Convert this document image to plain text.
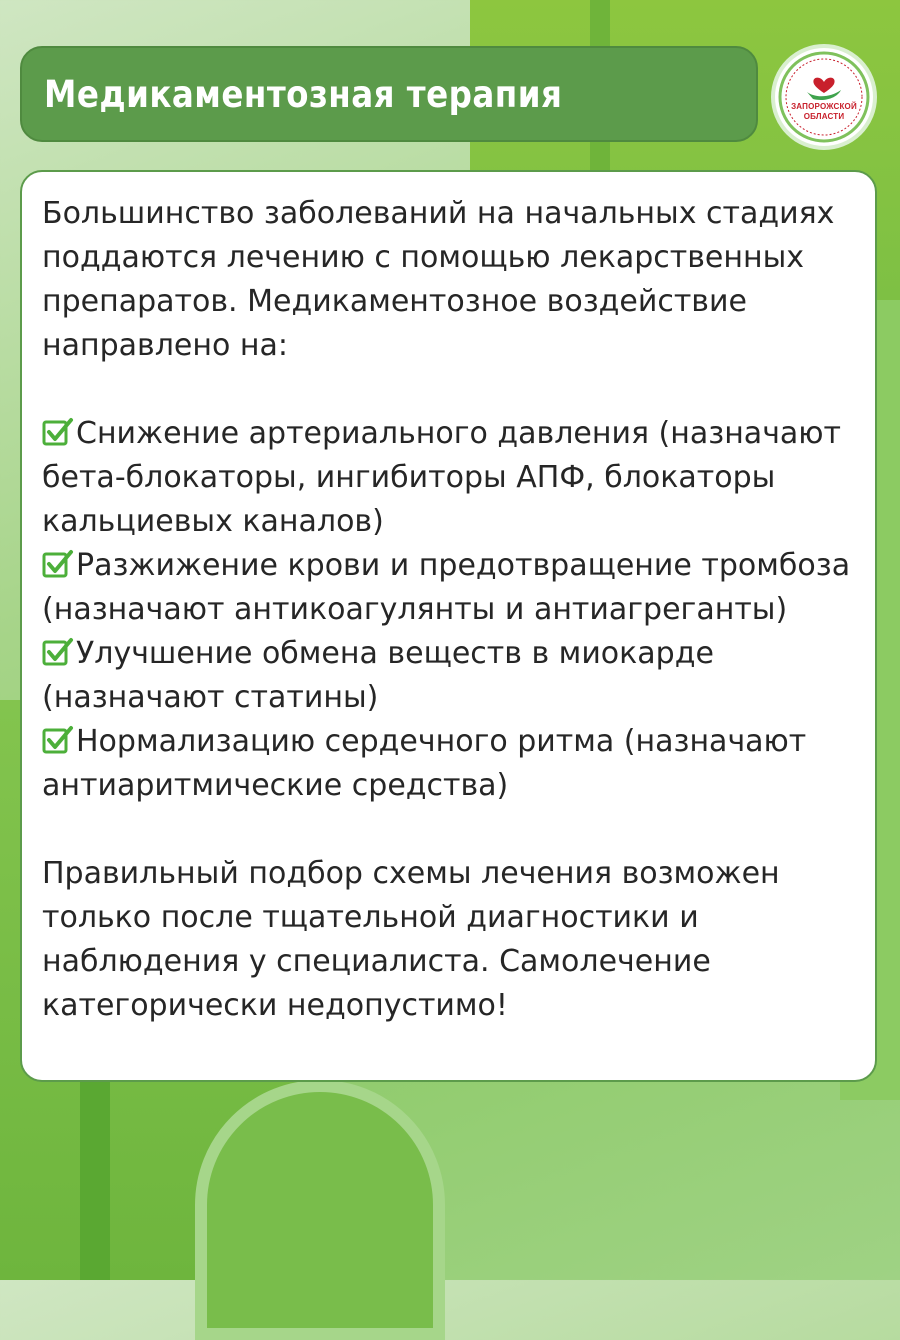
Медикаментозная терапия	ЗАПОРОЖСКОЙ
ОБЛАСТИ

Большинство заболеваний на начальных стадиях поддаются лечению с помощью лекарственных препаратов. Медикаментозное воздействие направлено на:

Снижение артериального давления (назначают бета-блокаторы, ингибиторы АПФ, блокаторы кальциевых каналов)
Разжижение крови и предотвращение тромбоза (назначают антикоагулянты и антиагреганты)
Улучшение обмена веществ в миокарде (назначают статины)
Нормализацию сердечного ритма (назначают антиаритмические средства)

Правильный подбор схемы лечения возможен только после тщательной диагностики и наблюдения у специалиста. Самолечение категорически недопустимо!
